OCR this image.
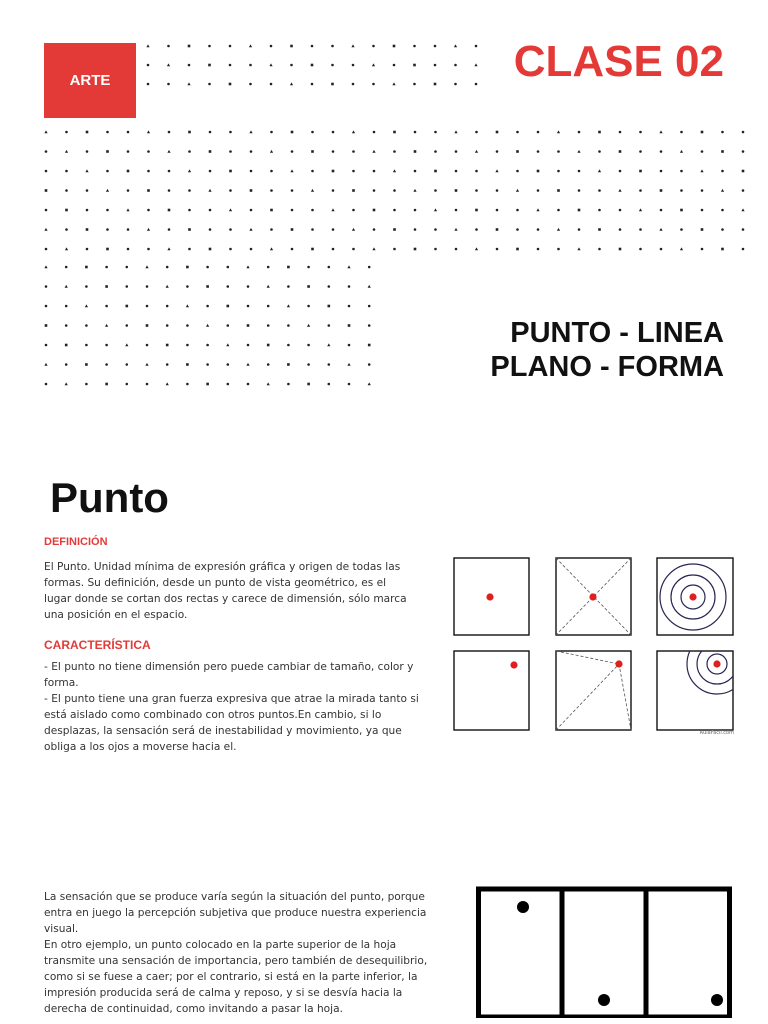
ARTE	CLASE 02
PUNTO - LINEA
PLANO - FORMA
Punto
DEFINICIÓN
El Punto. Unidad mínima de expresión gráfica y origen de todas las formas. Su definición, desde un punto de vista geométrico, es el lugar donde se cortan dos rectas y carece de dimensión, sólo marca una posición en el espacio.
CARACTERÍSTICA
- El punto no tiene dimensión pero puede cambiar de tamaño, color y forma.
- El punto tiene una gran fuerza expresiva que atrae la mirada tanto si está aislado como combinado con otros puntos.En cambio, si lo desplazas, la sensación será de inestabilidad y movimiento, ya que obliga a los ojos a moverse hacia el.
AulaFacil.com
La sensación que se produce varía según la situación del punto, porque entra en juego la percepción subjetiva que produce nuestra experiencia visual.
En otro ejemplo, un punto colocado en la parte superior de la hoja transmite una sensación de importancia, pero también de desequilibrio, como si se fuese a caer; por el contrario, si está en la parte inferior, la impresión producida será de calma y reposo, y si se desvía hacia la derecha de continuidad, como invitando a pasar la hoja.
